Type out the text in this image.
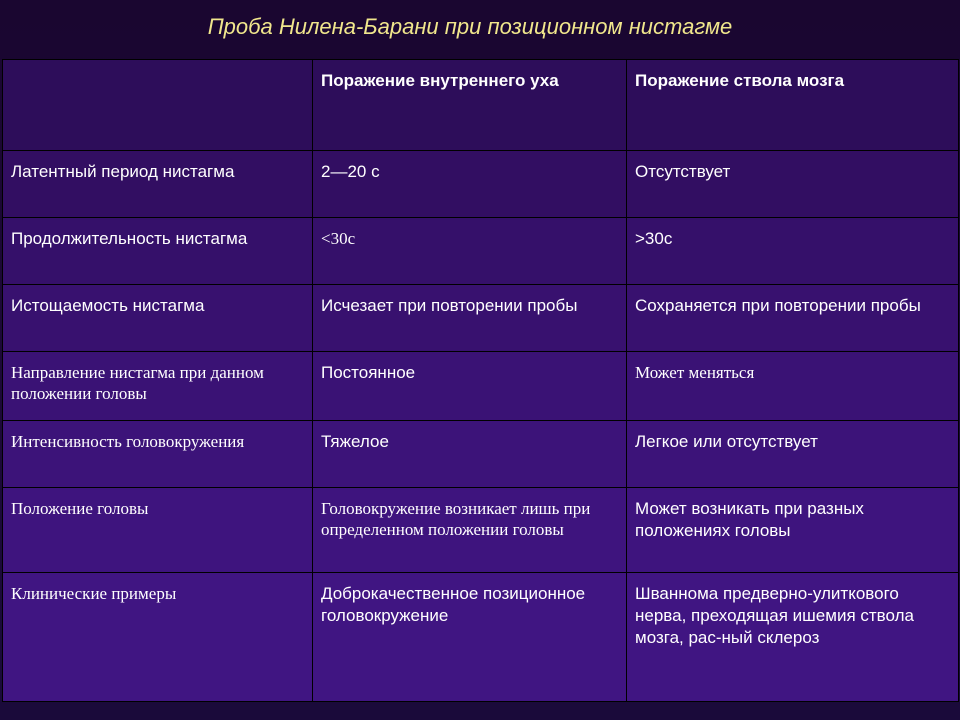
Проба Нилена-Барани при позиционном нистагме
	Поражение внутреннего уха	Поражение ствола мозга
Латентный период нистагма	2—20 с	Отсутствует
Продолжительность нистагма	<30с	>30с
Истощаемость нистагма	Исчезает при повторении пробы	Сохраняется при повторении пробы
Направление нистагма при данном положении головы	Постоянное	Может меняться
Интенсивность головокружения	Тяжелое	Легкое или отсутствует
Положение головы	Головокружение возникает лишь при определенном положении головы	Может возникать при разных положениях головы
Клинические примеры	Доброкачественное позиционное головокружение	Шваннома предверно-улиткового нерва, преходящая ишемия ствола мозга, рас-ный склероз
